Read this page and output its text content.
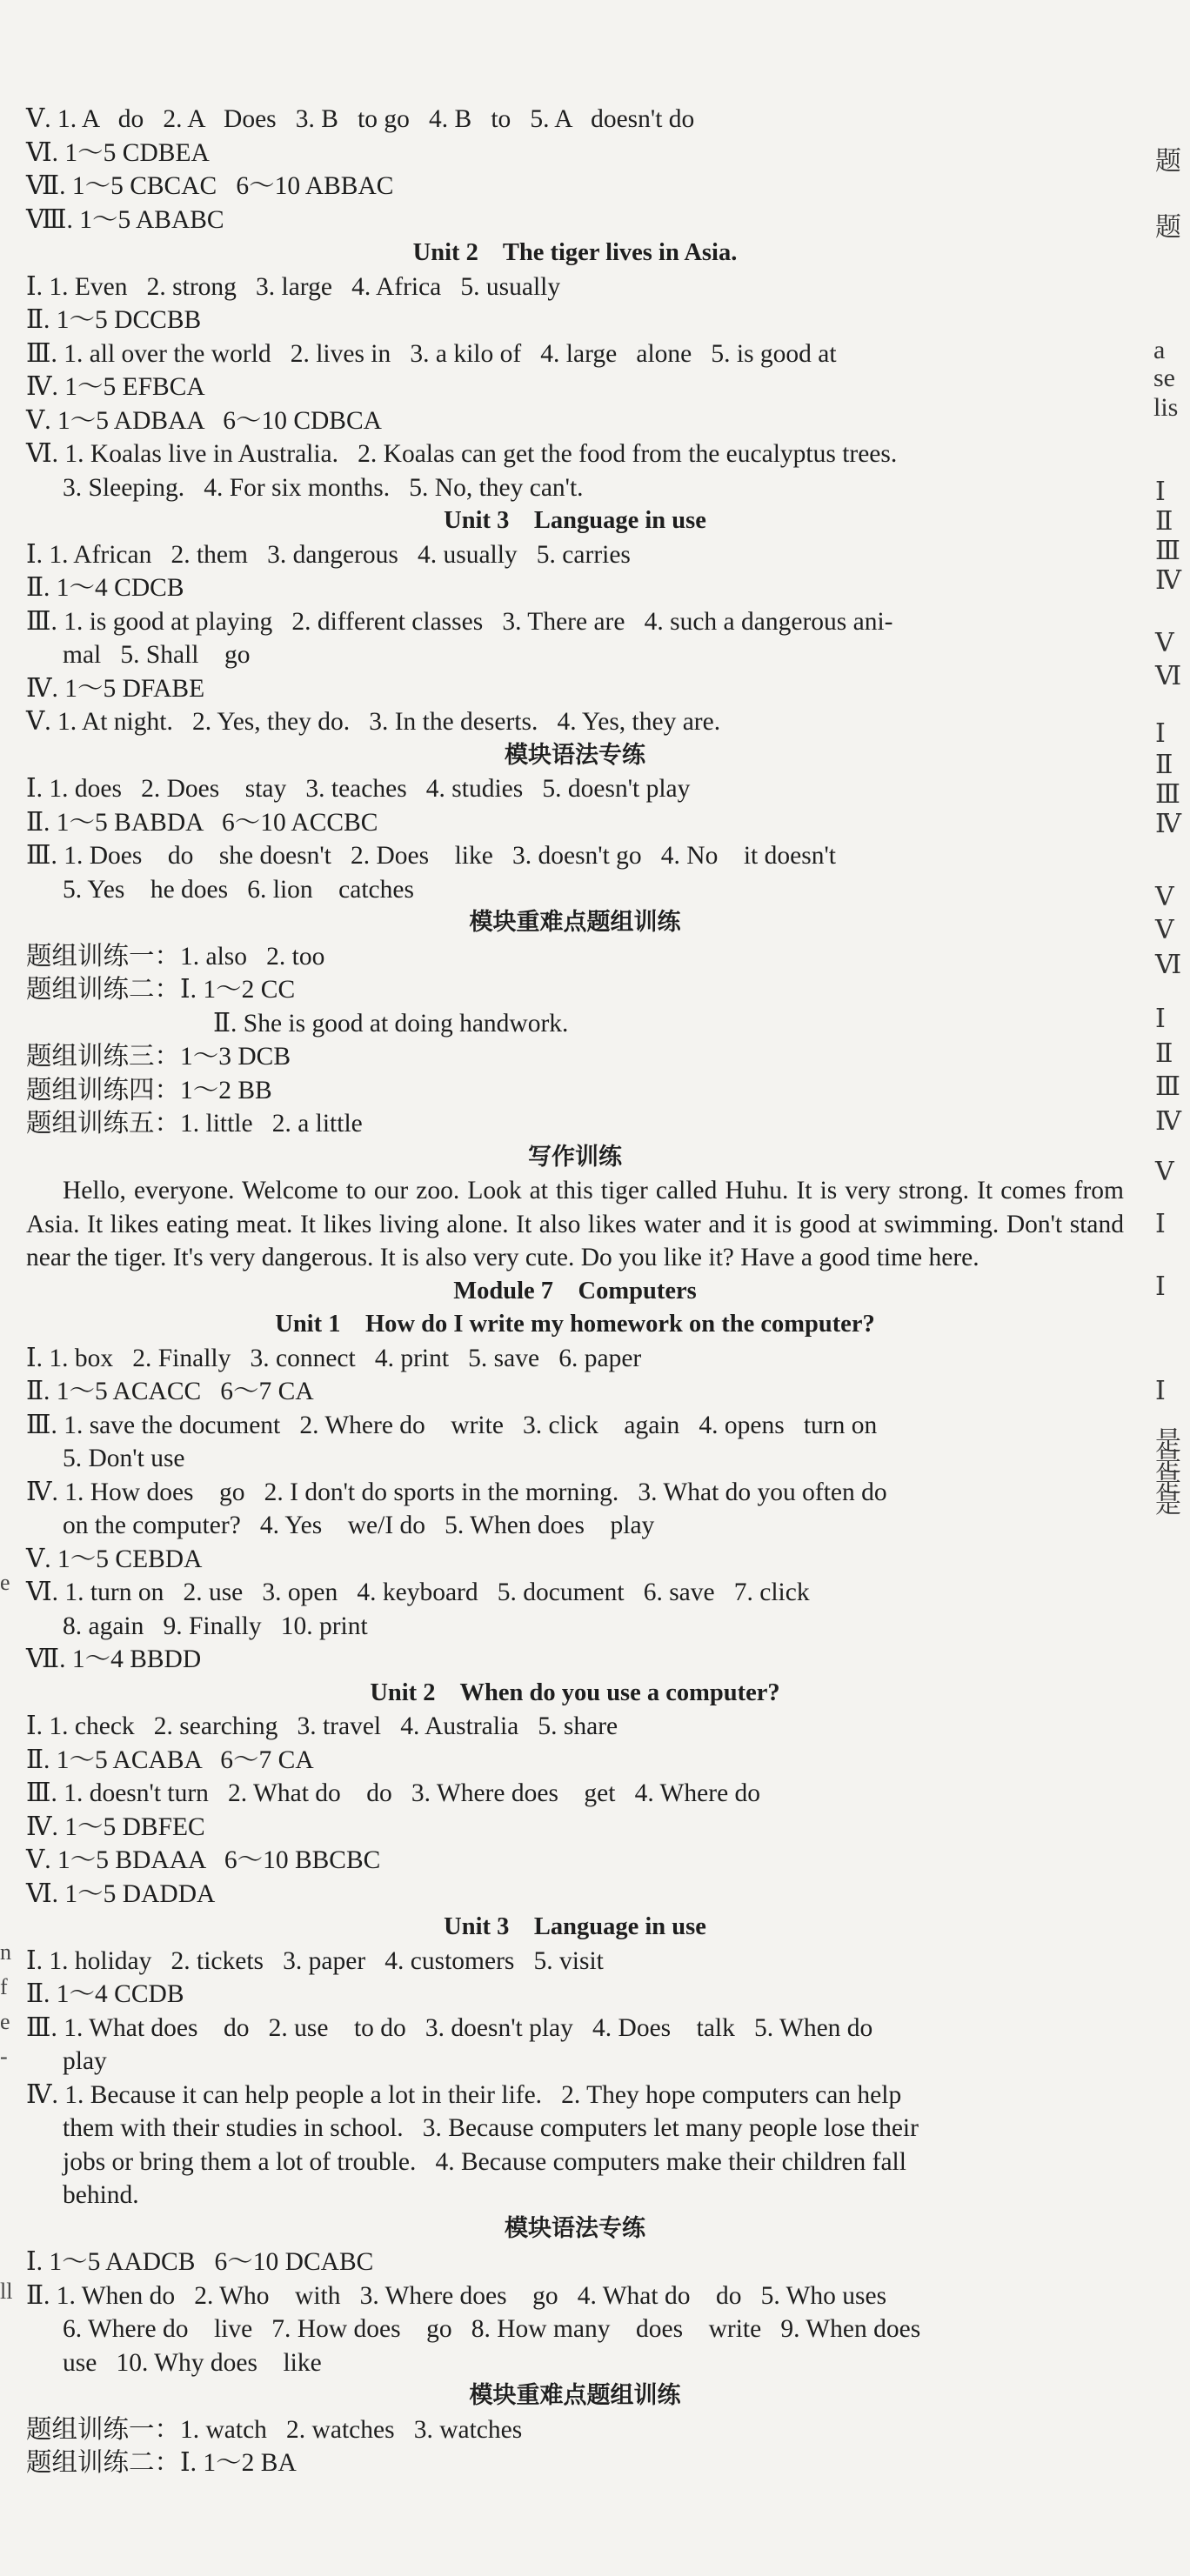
Ⅴ. 1. A   do   2. A   Does   3. B   to go   4. B   to   5. A   doesn't do
Ⅵ. 1～5 CDBEA
Ⅶ. 1～5 CBCAC   6～10 ABBAC
Ⅷ. 1～5 ABABC
Unit 2    The tiger lives in Asia.
Ⅰ. 1. Even   2. strong   3. large   4. Africa   5. usually
Ⅱ. 1～5 DCCBB
Ⅲ. 1. all over the world   2. lives in   3. a kilo of   4. large   alone   5. is good at
Ⅳ. 1～5 EFBCA
Ⅴ. 1～5 ADBAA   6～10 CDBCA
Ⅵ. 1. Koalas live in Australia.   2. Koalas can get the food from the eucalyptus trees.
3. Sleeping.   4. For six months.   5. No, they can't.
Unit 3    Language in use
Ⅰ. 1. African   2. them   3. dangerous   4. usually   5. carries
Ⅱ. 1～4 CDCB
Ⅲ. 1. is good at playing   2. different classes   3. There are   4. such a dangerous ani-
mal   5. Shall    go
Ⅳ. 1～5 DFABE
Ⅴ. 1. At night.   2. Yes, they do.   3. In the deserts.   4. Yes, they are.
模块语法专练
Ⅰ. 1. does   2. Does    stay   3. teaches   4. studies   5. doesn't play
Ⅱ. 1～5 BABDA   6～10 ACCBC
Ⅲ. 1. Does    do    she doesn't   2. Does    like   3. doesn't go   4. No    it doesn't
5. Yes    he does   6. lion    catches
模块重难点题组训练
题组训练一：1. also   2. too
题组训练二：Ⅰ. 1～2 CC
Ⅱ. She is good at doing handwork.
题组训练三：1～3 DCB
题组训练四：1～2 BB
题组训练五：1. little   2. a little
写作训练

Hello, everyone. Welcome to our zoo. Look at this tiger called Huhu. It is very strong. It comes from Asia. It likes eating meat. It likes living alone. It also likes water and it is good at swimming. Don't stand near the tiger. It's very dangerous. It is also very cute. Do you like it? Have a good time here.

Module 7    Computers
Unit 1    How do I write my homework on the computer?
Ⅰ. 1. box   2. Finally   3. connect   4. print   5. save   6. paper
Ⅱ. 1～5 ACACC   6～7 CA
Ⅲ. 1. save the document   2. Where do    write   3. click    again   4. opens   turn on
5. Don't use
Ⅳ. 1. How does    go   2. I don't do sports in the morning.   3. What do you often do
on the computer?   4. Yes    we/I do   5. When does    play
Ⅴ. 1～5 CEBDA
Ⅵ. 1. turn on   2. use   3. open   4. keyboard   5. document   6. save   7. click
8. again   9. Finally   10. print
Ⅶ. 1～4 BBDD
Unit 2    When do you use a computer?
Ⅰ. 1. check   2. searching   3. travel   4. Australia   5. share
Ⅱ. 1～5 ACABA   6～7 CA
Ⅲ. 1. doesn't turn   2. What do    do   3. Where does    get   4. Where do
Ⅳ. 1～5 DBFEC
Ⅴ. 1～5 BDAAA   6～10 BBCBC
Ⅵ. 1～5 DADDA
Unit 3    Language in use
Ⅰ. 1. holiday   2. tickets   3. paper   4. customers   5. visit
Ⅱ. 1～4 CCDB
Ⅲ. 1. What does    do   2. use    to do   3. doesn't play   4. Does    talk   5. When do
play
Ⅳ. 1. Because it can help people a lot in their life.   2. They hope computers can help
them with their studies in school.   3. Because computers let many people lose their
jobs or bring them a lot of trouble.   4. Because computers make their children fall
behind.
模块语法专练
Ⅰ. 1～5 AADCB   6～10 DCABC
Ⅱ. 1. When do   2. Who    with   3. Where does    go   4. What do    do   5. Who uses
6. Where do    live   7. How does    go   8. How many    does    write   9. When does
use   10. Why does    like
模块重难点题组训练
题组训练一：1. watch   2. watches   3. watches
题组训练二：Ⅰ. 1～2 BA
题
题
a
se
lis
Ⅰ
Ⅱ
Ⅲ
Ⅳ
Ⅴ
Ⅵ
Ⅰ
Ⅱ
Ⅲ
Ⅳ
Ⅴ
Ⅴ
Ⅵ
Ⅰ
Ⅱ
Ⅲ
Ⅳ
Ⅴ
Ⅰ
Ⅰ
Ⅰ
是
是
是
是
e
n
f
e
-
ll
